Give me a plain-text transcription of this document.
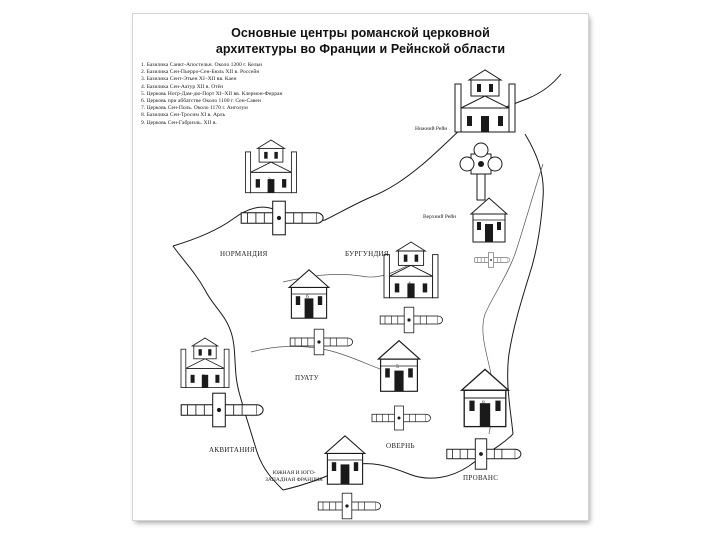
Основные центры романской церковной
архитектуры во Франции и Рейнской области
1. Базилика Санкт-Апостельн. Около 1200 г. Кельн
2. Базилика Сен-Пьерро-Сен-Бюль XII в. Россейн
3. Базилика Сент-Этьен XI–XII вв. Каен
4. Базилика Сен-Аатур XII в. Отён
5. Церковь Нотр-Дам-дю-Порт XI–XII вв. Клермон-Ферран
6. Церковь при аббатстве Около 1100 г. Сен-Савен
7. Церковь Сен-Поль. Около 1170 г. Анголум
8. Базилика Сен-Тросим XI в. Арль
9. Церковь Сен-Габриэль. XII в.	1
2
3
4
5
6
7
8
9
Нижний Рейн
Верхний Рейн
НОРМАНДИЯ	БУРГУНДИЯ
ПУАТУ
АКВИТАНИЯ	ОВЕРНЬ
ПРОВАНС
ЮЖНАЯ И ЮГО-ЗАПАДНАЯ ФРАНЦИЯ
